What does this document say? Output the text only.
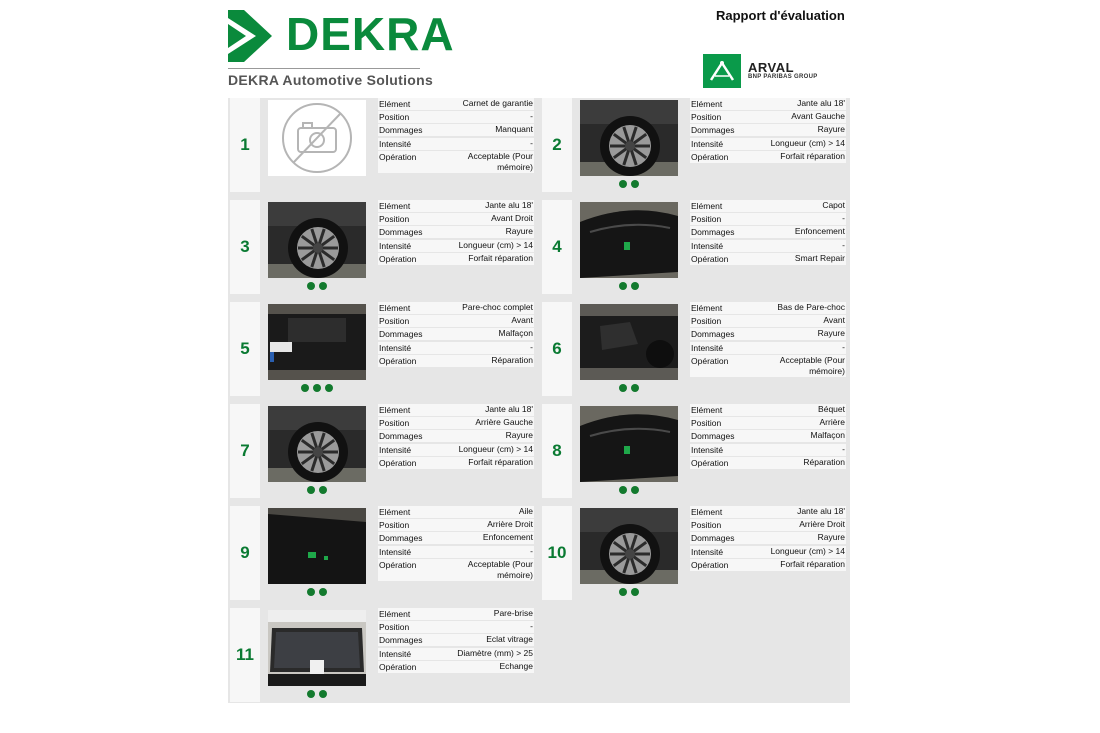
DEKRA
DEKRA Automotive Solutions
Rapport d'évaluation
ARVAL
BNP PARIBAS GROUP
1
Elément	Carnet de garantie
Position	-
Dommages	Manquant
Intensité	-
Opération	Acceptable (Pour mémoire)
2
Elément	Jante alu 18'
Position	Avant Gauche
Dommages	Rayure
Intensité	Longueur (cm) > 14
Opération	Forfait réparation
3
Elément	Jante alu 18'
Position	Avant Droit
Dommages	Rayure
Intensité	Longueur (cm) > 14
Opération	Forfait réparation
4
Elément	Capot
Position	-
Dommages	Enfoncement
Intensité	-
Opération	Smart Repair
5
Elément	Pare-choc complet
Position	Avant
Dommages	Malfaçon
Intensité	-
Opération	Réparation
6
Elément	Bas de Pare-choc
Position	Avant
Dommages	Rayure
Intensité	-
Opération	Acceptable (Pour mémoire)
7
Elément	Jante alu 18'
Position	Arrière Gauche
Dommages	Rayure
Intensité	Longueur (cm) > 14
Opération	Forfait réparation
8
Elément	Béquet
Position	Arrière
Dommages	Malfaçon
Intensité	-
Opération	Réparation
9
Elément	Aile
Position	Arrière Droit
Dommages	Enfoncement
Intensité	-
Opération	Acceptable (Pour mémoire)
10
Elément	Jante alu 18'
Position	Arrière Droit
Dommages	Rayure
Intensité	Longueur (cm) > 14
Opération	Forfait réparation
11
Elément	Pare-brise
Position	-
Dommages	Eclat vitrage
Intensité	Diamètre (mm) > 25
Opération	Echange
